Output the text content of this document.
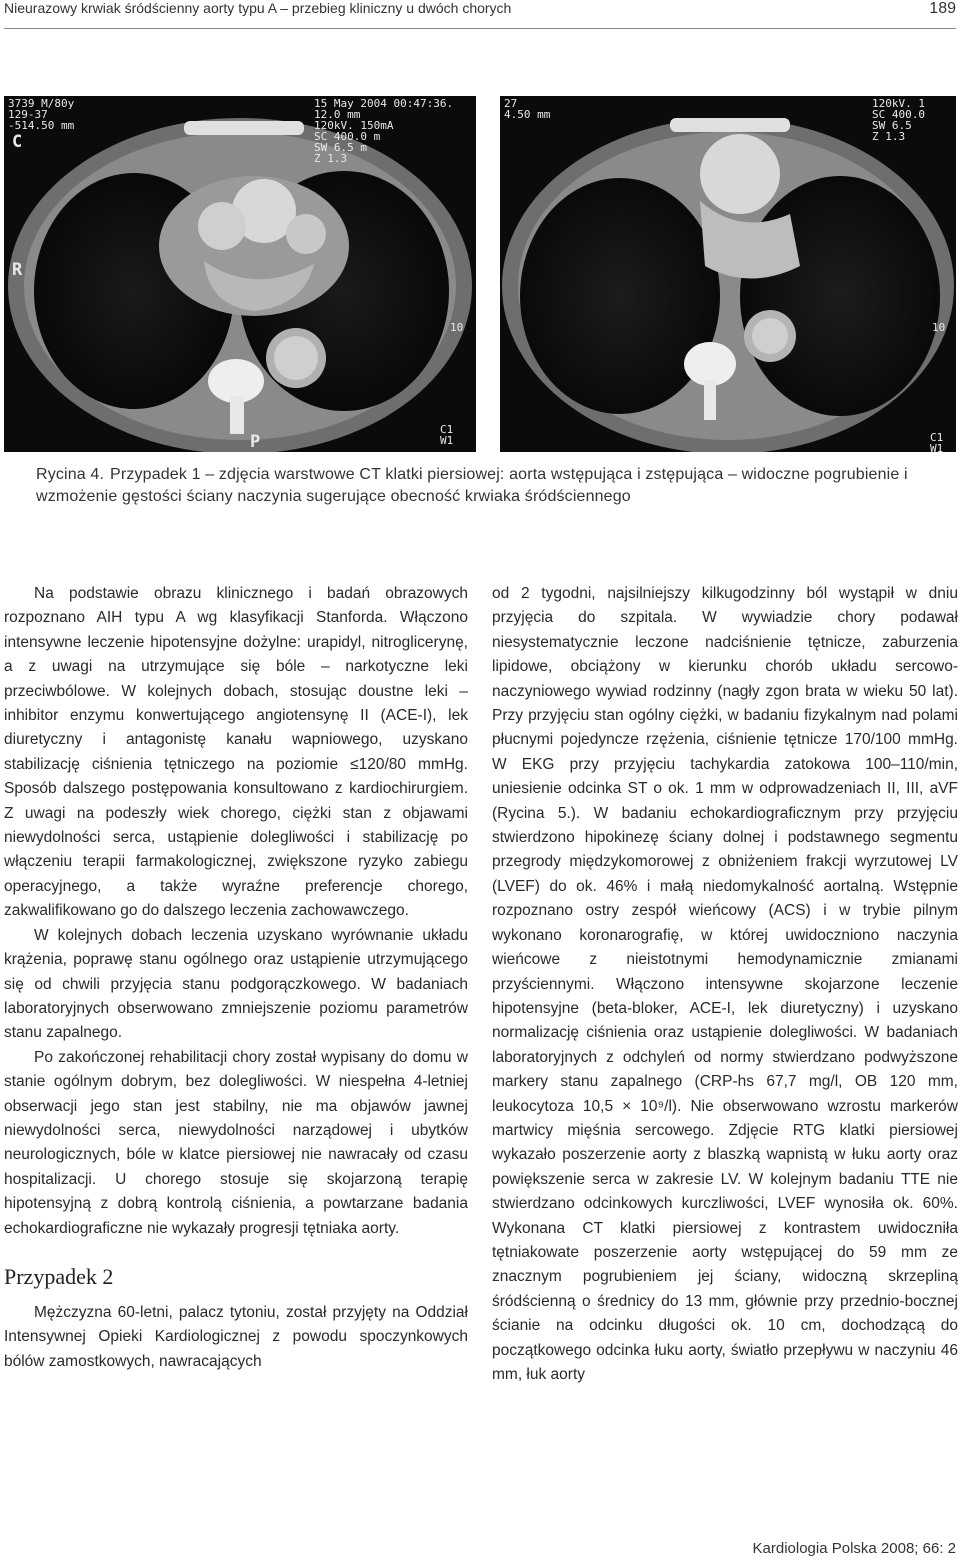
Nieurazowy krwiak śródścienny aorty typu A – przebieg kliniczny u dwóch chorych	189
3739 M/80y
129-37
-514.50 mm
15 May 2004 00:47:36.
12.0 mm
120kV. 150mA
SC 400.0 m
SW 6.5 m
Z 1.3
C
R
P
10
C1
W1
27
4.50 mm
120kV. 1
SC 400.0
SW 6.5
Z 1.3
10
C1
W1
Rycina 4. Przypadek 1 – zdjęcia warstwowe CT klatki piersiowej: aorta wstępująca i zstępująca – widoczne pogrubienie i wzmożenie gęstości ściany naczynia sugerujące obecność krwiaka śródściennego

Na podstawie obrazu klinicznego i badań obrazowych rozpoznano AIH typu A wg klasyfikacji Stanforda. Włączono intensywne leczenie hipotensyjne dożylne: urapidyl, nitroglicerynę, a z uwagi na utrzymujące się bóle – narkotyczne leki przeciwbólowe. W kolejnych dobach, stosując doustne leki – inhibitor enzymu konwertującego angiotensynę II (ACE-I), lek diuretyczny i antagonistę kanału wapniowego, uzyskano stabilizację ciśnienia tętniczego na poziomie ≤120/80 mmHg. Sposób dalszego postępowania konsultowano z kardiochirurgiem. Z uwagi na podeszły wiek chorego, ciężki stan z objawami niewydolności serca, ustąpienie dolegliwości i stabilizację po włączeniu terapii farmakologicznej, zwiększone ryzyko zabiegu operacyjnego, a także wyraźne preferencje chorego, zakwalifikowano go do dalszego leczenia zachowawczego.

W kolejnych dobach leczenia uzyskano wyrównanie układu krążenia, poprawę stanu ogólnego oraz ustąpienie utrzymującego się od chwili przyjęcia stanu podgorączkowego. W badaniach laboratoryjnych obserwowano zmniejszenie poziomu parametrów stanu zapalnego.

Po zakończonej rehabilitacji chory został wypisany do domu w stanie ogólnym dobrym, bez dolegliwości. W niespełna 4-letniej obserwacji jego stan jest stabilny, nie ma objawów jawnej niewydolności serca, niewydolności narządowej i ubytków neurologicznych, bóle w klatce piersiowej nie nawracały od czasu hospitalizacji. U chorego stosuje się skojarzoną terapię hipotensyjną z dobrą kontrolą ciśnienia, a powtarzane badania echokardiograficzne nie wykazały progresji tętniaka aorty.

Przypadek 2

Mężczyzna 60-letni, palacz tytoniu, został przyjęty na Oddział Intensywnej Opieki Kardiologicznej z powodu spoczynkowych bólów zamostkowych, nawracających

od 2 tygodni, najsilniejszy kilkugodzinny ból wystąpił w dniu przyjęcia do szpitala. W wywiadzie chory podawał niesystematycznie leczone nadciśnienie tętnicze, zaburzenia lipidowe, obciążony w kierunku chorób układu sercowo-naczyniowego wywiad rodzinny (nagły zgon brata w wieku 50 lat). Przy przyjęciu stan ogólny ciężki, w badaniu fizykalnym nad polami płucnymi pojedyncze rzężenia, ciśnienie tętnicze 170/100 mmHg. W EKG przy przyjęciu tachykardia zatokowa 100–110/min, uniesienie odcinka ST o ok. 1 mm w odprowadzeniach II, III, aVF (Rycina 5.). W badaniu echokardiograficznym przy przyjęciu stwierdzono hipokinezę ściany dolnej i podstawnego segmentu przegrody międzykomorowej z obniżeniem frakcji wyrzutowej LV (LVEF) do ok. 46% i małą niedomykalność aortalną. Wstępnie rozpoznano ostry zespół wieńcowy (ACS) i w trybie pilnym wykonano koronarografię, w której uwidoczniono naczynia wieńcowe z nieistotnymi hemodynamicznie zmianami przyściennymi. Włączono intensywne skojarzone leczenie hipotensyjne (beta-bloker, ACE-I, lek diuretyczny) i uzyskano normalizację ciśnienia oraz ustąpienie dolegliwości. W badaniach laboratoryjnych z odchyleń od normy stwierdzano podwyższone markery stanu zapalnego (CRP-hs 67,7 mg/l, OB 120 mm, leukocytoza 10,5 × 10⁹/l). Nie obserwowano wzrostu markerów martwicy mięśnia sercowego. Zdjęcie RTG klatki piersiowej wykazało poszerzenie aorty z blaszką wapnistą w łuku aorty oraz powiększenie serca w zakresie LV. W kolejnym badaniu TTE nie stwierdzano odcinkowych kurczliwości, LVEF wynosiła ok. 60%. Wykonana CT klatki piersiowej z kontrastem uwidoczniła tętniakowate poszerzenie aorty wstępującej do 59 mm ze znacznym pogrubieniem jej ściany, widoczną skrzepliną śródścienną o średnicy do 13 mm, głównie przy przednio-bocznej ścianie na odcinku długości ok. 10 cm, dochodzącą do początkowego odcinka łuku aorty, światło przepływu w naczyniu 46 mm, łuk aorty

Kardiologia Polska 2008; 66: 2
